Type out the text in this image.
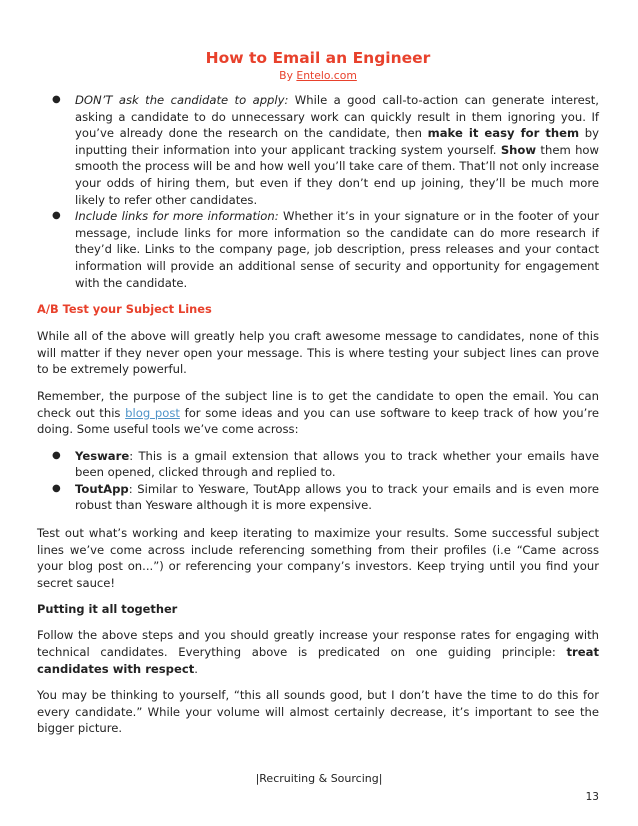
How to Email an Engineer
By Entelo.com
● DON’T ask the candidate to apply: While a good call-to-action can generate interest, asking a candidate to do unnecessary work can quickly result in them ignoring you. If you’ve already done the research on the candidate, then make it easy for them by inputting their information into your applicant tracking system yourself. Show them how smooth the process will be and how well you’ll take care of them. That’ll not only increase your odds of hiring them, but even if they don’t end up joining, they’ll be much more likely to refer other candidates.
● Include links for more information: Whether it’s in your signature or in the footer of your message, include links for more information so the candidate can do more research if they’d like. Links to the company page, job description, press releases and your contact information will provide an additional sense of security and opportunity for engagement with the candidate.
A/B Test your Subject Lines

While all of the above will greatly help you craft awesome message to candidates, none of this will matter if they never open your message. This is where testing your subject lines can prove to be extremely powerful.

Remember, the purpose of the subject line is to get the candidate to open the email. You can check out this blog post for some ideas and you can use software to keep track of how you’re doing. Some useful tools we’ve come across:

● Yesware: This is a gmail extension that allows you to track whether your emails have been opened, clicked through and replied to.
● ToutApp: Similar to Yesware, ToutApp allows you to track your emails and is even more robust than Yesware although it is more expensive.

Test out what’s working and keep iterating to maximize your results. Some successful subject lines we’ve come across include referencing something from their profiles (i.e “Came across your blog post on...”) or referencing your company’s investors. Keep trying until you find your secret sauce!

Putting it all together

Follow the above steps and you should greatly increase your response rates for engaging with technical candidates. Everything above is predicated on one guiding principle: treat candidates with respect.

You may be thinking to yourself, “this all sounds good, but I don’t have the time to do this for every candidate.” While your volume will almost certainly decrease, it’s important to see the bigger picture.

|Recruiting & Sourcing|
13
